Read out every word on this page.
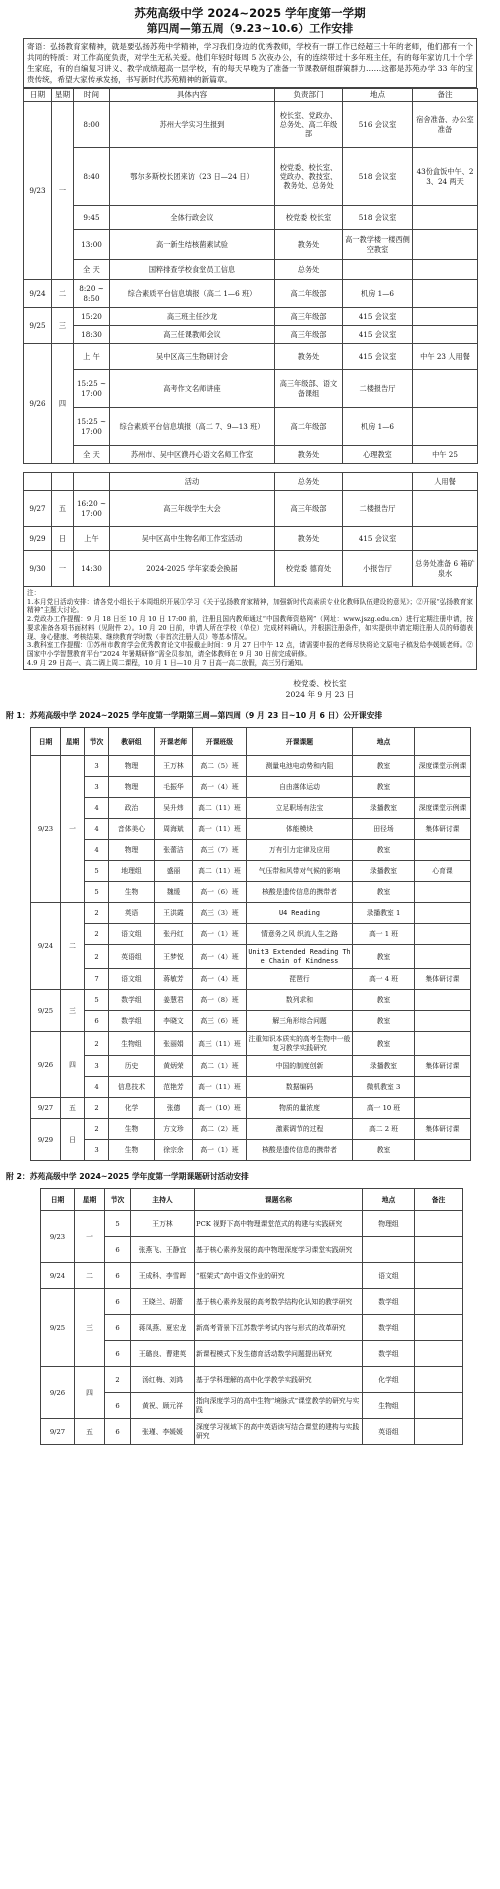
苏苑高级中学 2024~2025 学年度第一学期
第四周—第五周（9.23~10.6）工作安排
寄语：弘扬教育家精神，就是要弘扬苏苑中学精神，学习我们身边的优秀教师，学校有一群工作已经超三十年的老师，他们都有一个共同的特质：对工作高度负责，对学生无私关爱。他们年轻时每周 5 次夜办公，有的连续带过十多年班主任，有的每年家访几十个学生家庭，有的自编复习讲义、教学成绩超高一层学校，有的每天早晚为了准备一节课教研组群策群力……这都是苏苑办学 33 年的宝贵传统，希望大家传承发扬，书写新时代苏苑精神的新篇章。
日期	星期	时间	具体内容	负责部门	地点	备注
9/23	一	8:00	苏州大学实习生报到	校长室、党政办、总务处、高二年级部	516 会议室	宿舍准备、办公室准备
		8:40	鄂尔多斯校长团来访（23 日—24 日）	校党委、校长室、党政办、教技室、教务处、总务处	518 会议室	43份盒饭中午、23、24 两天
		9:45	全体行政会议	校党委 校长室	518 会议室	
		13:00	高一新生结核菌素试验	教务处	高一教学楼一楼西侧空教室	
		全 天	国粹排查学校食堂员工信息	总务处		
9/24	二	8:20 ~ 8:50	综合素质平台信息填报（高二 1—6 班）	高二年级部	机房 1—6	
9/25	三	15:20	高三班主任沙龙	高三年级部	415 会议室	
		18:30	高三任课教师会议	高三年级部	415 会议室	
9/26	四	上 午	吴中区高三生物研讨会	教务处	415 会议室	中午 23 人用餐
		15:25 ~ 17:00	高考作文名师讲座	高三年级部、语文备课组	二楼报告厅	
		15:25 ~ 17:00	综合素质平台信息填报（高二 7、9—13 班）	高二年级部	机房 1—6	
		全 天	苏州市、吴中区濮丹心语文名师工作室	教务处	心理教室	中午 25
			活动	总务处		人用餐
9/27	五	16:20 ~ 17:00	高三年级学生大会	高三年级部	二楼报告厅	
9/29	日	上午	吴中区高中生物名师工作室活动	教务处	415 会议室	
9/30	一	14:30	2024-2025 学年家委会换届	校党委 德育处	小报告厅	总务处准备 6 箱矿泉水
注：
1.本月党日活动安排：请各党小组长于本周组织开展①学习《关于弘扬教育家精神，加强新时代高素质专业化教师队伍建设的意见》；②开展“弘扬教育家精神”主题大讨论。
2.党政办工作提醒：9 月 18 日至 10 月 10 日 17:00 前，注册且国内教师通过“中国教师资格网”（网址：www.jszg.edu.cn）进行定期注册申请，按要求准备各项书面材料（见附件 2）。10 月 20 日前，申请人所在学校（单位）完成材料确认，并根据注册条件，如实提供申请定期注册人员的师德表现、身心健康、考核结果、继续教育学时数（非首次注册人员）等基本情况。
3.教科室工作提醒：①苏州市教育学会优秀教育论文申报截止时间：9 月 27 日中午 12 点，请需要申报的老师尽快将论文原电子稿发给李媛媛老师。②国家中小学智慧教育平台“2024 年暑期研修”需全员参加，请全体教师在 9 月 30 日前完成研修。
4.9 月 29 日高一、高二调上周二课程，10 月 1 日—10 月 7 日高一高二放假，高三另行通知。
校党委、校长室
2024 年 9 月 23 日
附 1：苏苑高级中学 2024~2025 学年度第一学期第三周—第四周（9 月 23 日~10 月 6 日）公开课安排
日期	星期	节次	教研组	开课老师	开课班级	开课课题	地点	
9/23	一	3	物理	王万林	高二（5）班	测量电池电动势和内阻	教室	深度课堂示例课
		3	物理	毛振华	高一（4）班	自由落体运动	教室	
		4	政治	吴升炜	高二（11）班	立足职场有法宝	录播教室	深度课堂示例课
		4	音体美心	周海斌	高一（11）班	体能模块	田径场	集体研讨课
		4	物理	张蕾洁	高三（7）班	万有引力定律及应用	教室	
		5	地理组	盛丽	高二（11）班	气压带和风带对气候的影响	录播教室	心育课
		5	生物	魏缓	高一（6）班	核酸是遗传信息的携带者	教室	
9/24	二	2	英语	王洪霞	高三（3）班	U4 Reading	录播教室 1	
		2	语文组	张丹红	高一（1）班	情意务之风 织流人生之路	高一 1 班	
		2	英语组	王梦悦	高一（4）班	Unit3 Extended Reading The Chain of Kindness	教室	
		7	语文组	蒋敏芳	高一（4）班	琵琶行	高一 4 班	集体研讨课
9/25	三	5	数学组	姜慧君	高一（8）班	数列求和	教室	
		6	数学组	李晓文	高三（6）班	解三角形综合问题	教室	
9/26	四	2	生物组	张丽娟	高三（11）班	注重知识本质实的高考生物中一般复习教学实践研究	教室	
		3	历史	黄炳荣	高二（1）班	中国的制度创新	录播教室	集体研讨课
		4	信息技术	范艳芳	高一（11）班	数据编码	微机教室 3	
9/27	五	2	化学	张德	高一（10）班	物质的量浓度	高一 10 班	
9/29	日	2	生物	方文珍	高二（2）班	激素调节的过程	高二 2 班	集体研讨课
		3	生物	徐宗余	高一（1）班	核酸是遗传信息的携带者	教室	
附 2：苏苑高级中学 2024~2025 学年度第一学期课题研讨活动安排
日期	星期	节次	主持人	课题名称	地点	备注
9/23	一	5	王万林	PCK 视野下高中物理课堂范式的构建与实践研究	物理组	
		6	张燕飞、王静宜	基于核心素养发展的高中物理深度学习课堂实践研究		
9/24	二	6	王成科、李雪晖	“框架式”高中语文作业的研究	语文组	
9/25	三	6	王晓兰、胡蕾	基于核心素养发展的高考数学结构化认知的教学研究	数学组	
		6	蒋凤燕、夏宏龙	新高考背景下江苏数学考试内容与形式的改革研究	数学组	
		6	王璐良、曹建英	新课程模式下发生德育活动数学问题提出研究	数学组	
9/26	四	2	汤红梅、刘鸿	基于学科理解的高中化学教学实践研究	化学组	
		6	黄祝、顾元祥	指向深度学习的高中生物“境脉式”课堂教学的研究与实践	生物组	
9/27	五	6	张瑾、李媛媛	深度学习视域下的高中英语读写结合课堂的建构与实践研究	英语组	
